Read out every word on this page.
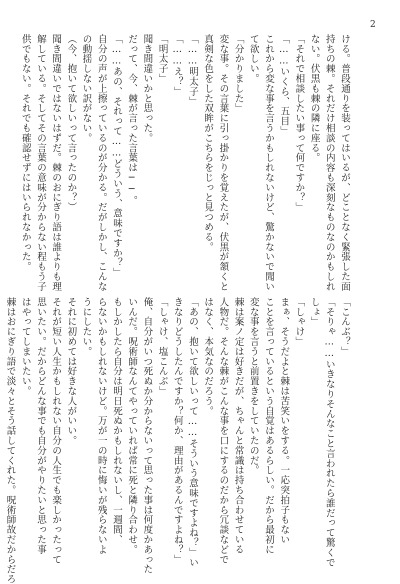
2
ける。普段通りを装ってはいるが、どことなく緊張した面
持ちの棘。それだけ相談の内容も深刻なものなのかもしれ
ない。伏黒も棘の隣に座る。
「それで相談したい事って何ですか？」
「……いくら、五目」
これから変な事を言うかもしれないけど、驚かないで聞い
て欲しい。
「分かりました」
変な事。その言葉に引っ掛かりを覚えたが、伏黒が頷くと
真剣な色をした双眸がこちらをじっと見つめる。
「……明太子」
「……え？」
「明太子」
聞き間違いかと思った。
だって、今、棘が言った言葉は──。
「……あの、それって……どういう、意味ですか？」
自分の声が上擦っているのが分かる。だがしかし、こんな
の動揺しない訳がない。
（今、抱いて欲しいって言ったのか？）
聞き間違いではないはずだ。棘のおにぎり語は誰よりも理
解している。そしてその言葉の意味が分からない程もう子
供でもない。それでも確認せずにはいられなかった。
「こんぶ？」
「そりゃ……いきなりそんなこと言われたら誰だって驚くで
しょ」
「しゃけ」
まぁ、そうだよと棘は苦笑いをする。一応突拍子もない
ことを言っているという自覚はあるらしい。だから最初に
変な事を言うと前置きをしていたのだ。
棘は案ノ定は好きだが、ちゃんと常識は持ち合わせている
人物だ。そんな棘がこんな事を口にするのだから冗談などで
はなく、本気なのだろう。
「あの、抱いて欲しいって……そういう意味ですよね？」い
きなりどうしたんですか？何か、理由があるんですよね？」
「しゃけ、塩こんぶ」
俺、自分がいつ死ぬか分からないって思った事は何度かあった
いんだ。呪術師なんてやっていれば常に死と隣り合わせ。
もしかしたら自分は明日死ぬかもしれないし、一週間、
らないかもしれないけど。万が一の時に悔いが残らないよ
うにしたい。
それに初めては好きな人がいい。
それが短い人生かもしれない自分の人生でも楽しかったって
思いたい。だからどんな事でも自分がやりたいと思った事
はやってしまいたい。
棘はおにぎり語で淡々とそう話してくれた。呪術師故だからだろ
